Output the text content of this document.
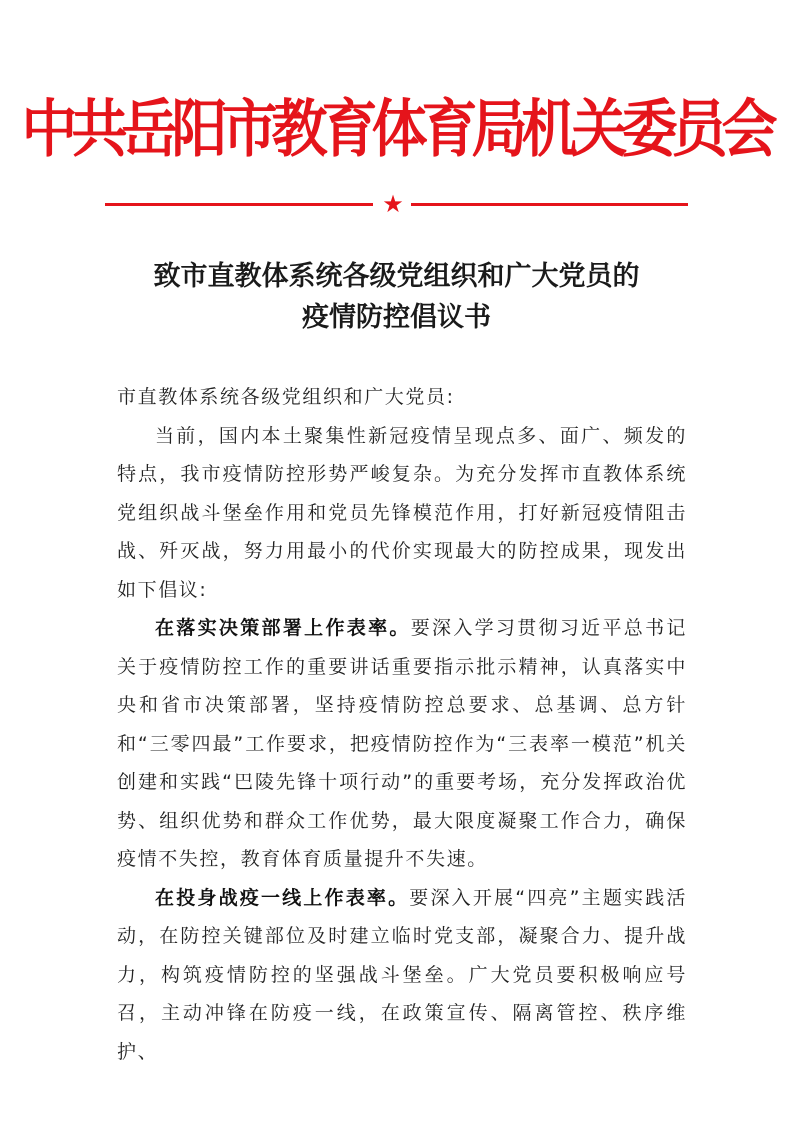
中共岳阳市教育体育局机关委员会
★
致市直教体系统各级党组织和广大党员的
疫情防控倡议书

市直教体系统各级党组织和广大党员:

当前，国内本土聚集性新冠疫情呈现点多、面广、频发的特点，我市疫情防控形势严峻复杂。为充分发挥市直教体系统党组织战斗堡垒作用和党员先锋模范作用，打好新冠疫情阻击战、歼灭战，努力用最小的代价实现最大的防控成果，现发出如下倡议:

在落实决策部署上作表率。要深入学习贯彻习近平总书记关于疫情防控工作的重要讲话重要指示批示精神，认真落实中央和省市决策部署，坚持疫情防控总要求、总基调、总方针和“三零四最”工作要求，把疫情防控作为“三表率一模范”机关创建和实践“巴陵先锋十项行动”的重要考场，充分发挥政治优势、组织优势和群众工作优势，最大限度凝聚工作合力，确保疫情不失控，教育体育质量提升不失速。

在投身战疫一线上作表率。要深入开展“四亮”主题实践活动，在防控关键部位及时建立临时党支部，凝聚合力、提升战力，构筑疫情防控的坚强战斗堡垒。广大党员要积极响应号召，主动冲锋在防疫一线，在政策宣传、隔离管控、秩序维护、
